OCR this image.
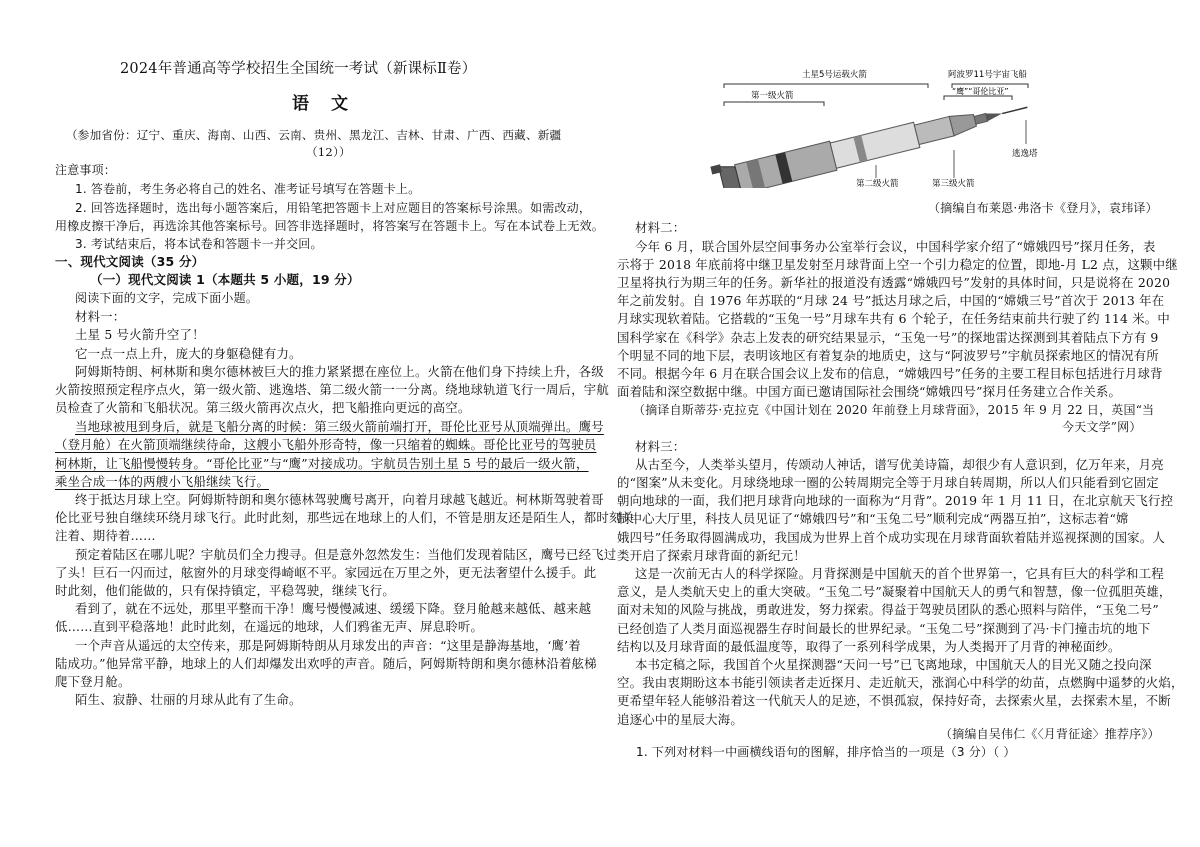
2024年普通高等学校招生全国统一考试（新课标Ⅱ卷）
语文
（参加省份：辽宁、重庆、海南、山西、云南、贵州、黑龙江、吉林、甘肃、广西、西藏、新疆
（12））
注意事项：
1. 答卷前，考生务必将自己的姓名、准考证号填写在答题卡上。
2. 回答选择题时，选出每小题答案后，用铅笔把答题卡上对应题目的答案标号涂黑。如需改动，
用橡皮擦干净后，再选涂其他答案标号。回答非选择题时，将答案写在答题卡上。写在本试卷上无效。
3. 考试结束后，将本试卷和答题卡一并交回。
一、现代文阅读（35 分）
（一）现代文阅读 1（本题共 5 小题，19 分）
阅读下面的文字，完成下面小题。
材料一：
土星 5 号火箭升空了！
它一点一点上升，庞大的身躯稳健有力。
阿姆斯特朗、柯林斯和奥尔德林被巨大的推力紧紧摁在座位上。火箭在他们身下持续上升，各级
火箭按照预定程序点火，第一级火箭、逃逸塔、第二级火箭一一分离。绕地球轨道飞行一周后，宇航
员检查了火箭和飞船状况。第三级火箭再次点火，把飞船推向更远的高空。
当地球被甩到身后，就是飞船分离的时候：第三级火箭前端打开，哥伦比亚号从顶端弹出。鹰号
（登月舱）在火箭顶端继续待命，这艘小飞船外形奇特，像一只缩着的蜘蛛。哥伦比亚号的驾驶员
柯林斯，让飞船慢慢转身。“哥伦比亚”与“鹰”对接成功。宇航员告别土星 5 号的最后一级火箭，
乘坐合成一体的两艘小飞船继续飞行。
终于抵达月球上空。阿姆斯特朗和奥尔德林驾驶鹰号离开，向着月球越飞越近。柯林斯驾驶着哥
伦比亚号独自继续环绕月球飞行。此时此刻，那些远在地球上的人们，不管是朋友还是陌生人，都时刻关
注着、期待着……
预定着陆区在哪儿呢？宇航员们全力搜寻。但是意外忽然发生：当他们发现着陆区，鹰号已经飞过
了头！巨石一闪而过，舷窗外的月球变得崎岖不平。家园远在万里之外，更无法奢望什么援手。此
时此刻，他们能做的，只有保持镇定，平稳驾驶，继续飞行。
看到了，就在不远处，那里平整而干净！鹰号慢慢减速、缓缓下降。登月舱越来越低、越来越
低……直到平稳落地！此时此刻，在遥远的地球，人们鸦雀无声、屏息聆听。
一个声音从遥远的太空传来，那是阿姆斯特朗从月球发出的声音：“这里是静海基地，‘鹰’着
陆成功。”他异常平静，地球上的人们却爆发出欢呼的声音。随后，阿姆斯特朗和奥尔德林沿着舷梯
爬下登月舱。
陌生、寂静、壮丽的月球从此有了生命。
土星5号运载火箭	阿波罗11号宇宙飞船
第一级火箭	“鹰”“哥伦比亚”
第二级火箭	第三级火箭
逃逸塔
（摘编自布莱恩·弗洛卡《登月》，袁玮译）
材料二：
今年 6 月，联合国外层空间事务办公室举行会议，中国科学家介绍了“嫦娥四号”探月任务，表
示将于 2018 年底前将中继卫星发射至月球背面上空一个引力稳定的位置，即地-月 L2 点，这颗中继
卫星将执行为期三年的任务。新华社的报道没有透露“嫦娥四号”发射的具体时间，只是说将在 2020
年之前发射。自 1976 年苏联的“月球 24 号”抵达月球之后，中国的“嫦娥三号”首次于 2013 年在
月球实现软着陆。它搭载的“玉兔一号”月球车共有 6 个轮子，在任务结束前共行驶了约 114 米。中
国科学家在《科学》杂志上发表的研究结果显示，“玉兔一号”的探地雷达探测到其着陆点下方有 9
个明显不同的地下层，表明该地区有着复杂的地质史，这与“阿波罗号”宇航员探索地区的情况有所
不同。根据今年 6 月在联合国会议上发布的信息，“嫦娥四号”任务的主要工程目标包括进行月球背
面着陆和深空数据中继。中国方面已邀请国际社会围绕“嫦娥四号”探月任务建立合作关系。
（摘译自斯蒂芬·克拉克《中国计划在 2020 年前登上月球背面》，2015 年 9 月 22 日，英国“当
今天文学”网）
材料三：
从古至今，人类举头望月，传颂动人神话，谱写优美诗篇，却很少有人意识到，亿万年来，月亮
的“图案”从未变化。月球绕地球一圈的公转周期完全等于月球自转周期，所以人们只能看到它固定
朝向地球的一面，我们把月球背向地球的一面称为“月背”。2019 年 1 月 11 日，在北京航天飞行控
制中心大厅里，科技人员见证了“嫦娥四号”和“玉兔二号”顺利完成“两器互拍”，这标志着“嫦
娥四号”任务取得圆满成功，我国成为世界上首个成功实现在月球背面软着陆并巡视探测的国家。人
类开启了探索月球背面的新纪元！
这是一次前无古人的科学探险。月背探测是中国航天的首个世界第一，它具有巨大的科学和工程
意义，是人类航天史上的重大突破。“玉兔二号”凝聚着中国航天人的勇气和智慧，像一位孤胆英雄，
面对未知的风险与挑战，勇敢进发，努力探索。得益于驾驶员团队的悉心照料与陪伴，“玉兔二号”
已经创造了人类月面巡视器生存时间最长的世界纪录。“玉兔二号”探测到了冯·卡门撞击坑的地下
结构以及月球背面的最低温度等，取得了一系列科学成果，为人类揭开了月背的神秘面纱。
本书定稿之际，我国首个火星探测器“天问一号”已飞离地球，中国航天人的目光又随之投向深
空。我由衷期盼这本书能引领读者走近探月、走近航天，涨润心中科学的幼苗，点燃胸中遥梦的火焰，
更希望年轻人能够沿着这一代航天人的足迹，不惧孤寂，保持好奇，去探索火星，去探索木星，不断
追逐心中的星辰大海。
（摘编自吴伟仁《〈月背征途〉推荐序》）
1. 下列对材料一中画横线语句的图解，排序恰当的一项是（3 分）（ ）
